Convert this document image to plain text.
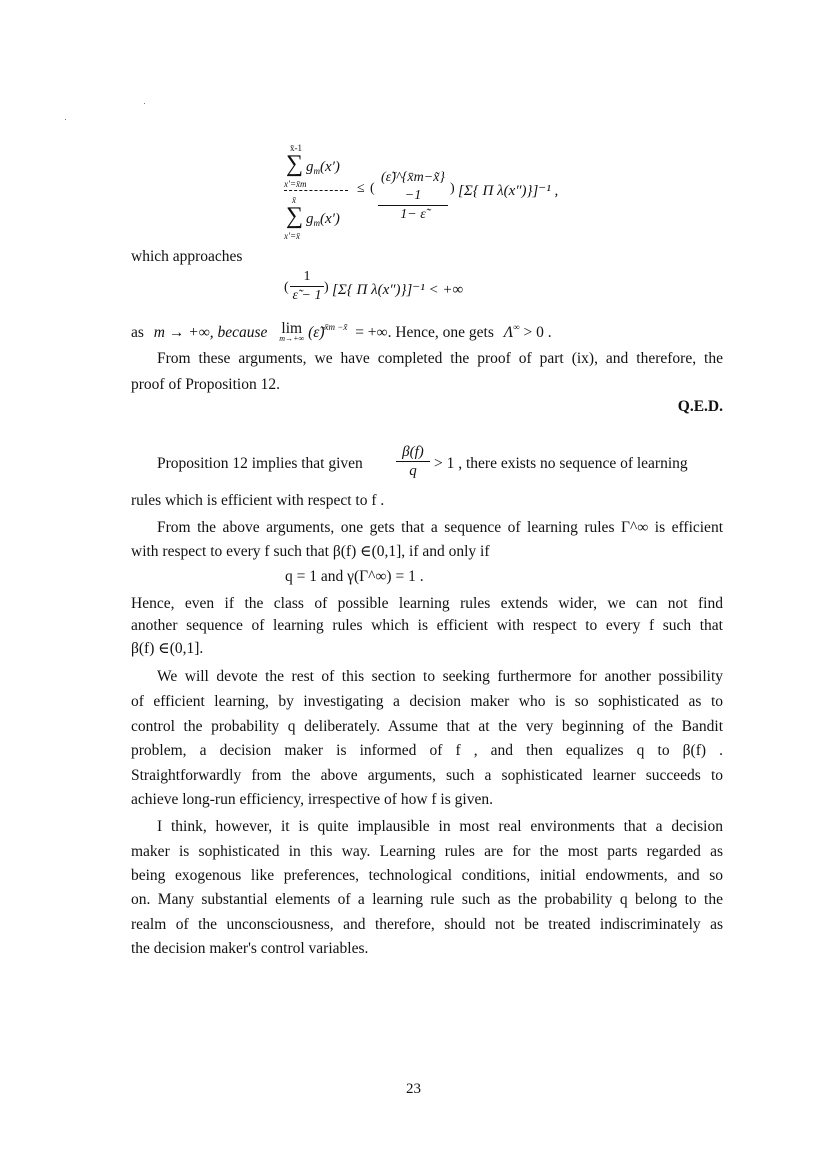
x̄-1
∑ $g_m(x')$
x′=x̄m
x̄
∑ $g_m(x')$
x′=x̄
≤ ( $\frac{(\varepsiloñ)\^{}\{x̄m-x̃\} -1}{1- \varepsiloñ}$ ) [Σ{ Π λ(x″)}]⁻¹ ,
which approaches
( $\frac{1}{\varepsiloñ - 1}$ ) [Σ{ Π λ(x″)}]⁻¹ < +∞
as m → +∞, because lim
m→+∞ (ε̃)$^{x̄m -x̃}$ = +∞. Hence, one gets Λ∞ > 0 .
From these arguments, we have completed the proof of part (ix), and therefore, the
proof of Proposition 12.
Q.E.D.
Proposition 12 implies that given $\frac{\beta(f)}{q} > 1$ , there exists no sequence of learning
rules which is efficient with respect to f .
From the above arguments, one gets that a sequence of learning rules Γ^∞ is efficient
with respect to every f such that β(f) ∈(0,1], if and only if
q = 1 and γ(Γ^∞) = 1 .
Hence, even if the class of possible learning rules extends wider, we can not find
another sequence of learning rules which is efficient with respect to every f such that
β(f) ∈(0,1].
We will devote the rest of this section to seeking furthermore for another possibility
of efficient learning, by investigating a decision maker who is so sophisticated as to
control the probability q deliberately. Assume that at the very beginning of the Bandit
problem, a decision maker is informed of f , and then equalizes q to β(f) .
Straightforwardly from the above arguments, such a sophisticated learner succeeds to
achieve long-run efficiency, irrespective of how f is given.
I think, however, it is quite implausible in most real environments that a decision
maker is sophisticated in this way. Learning rules are for the most parts regarded as
being exogenous like preferences, technological conditions, initial endowments, and so
on. Many substantial elements of a learning rule such as the probability q belong to the
realm of the unconsciousness, and therefore, should not be treated indiscriminately as
the decision maker's control variables.
23
